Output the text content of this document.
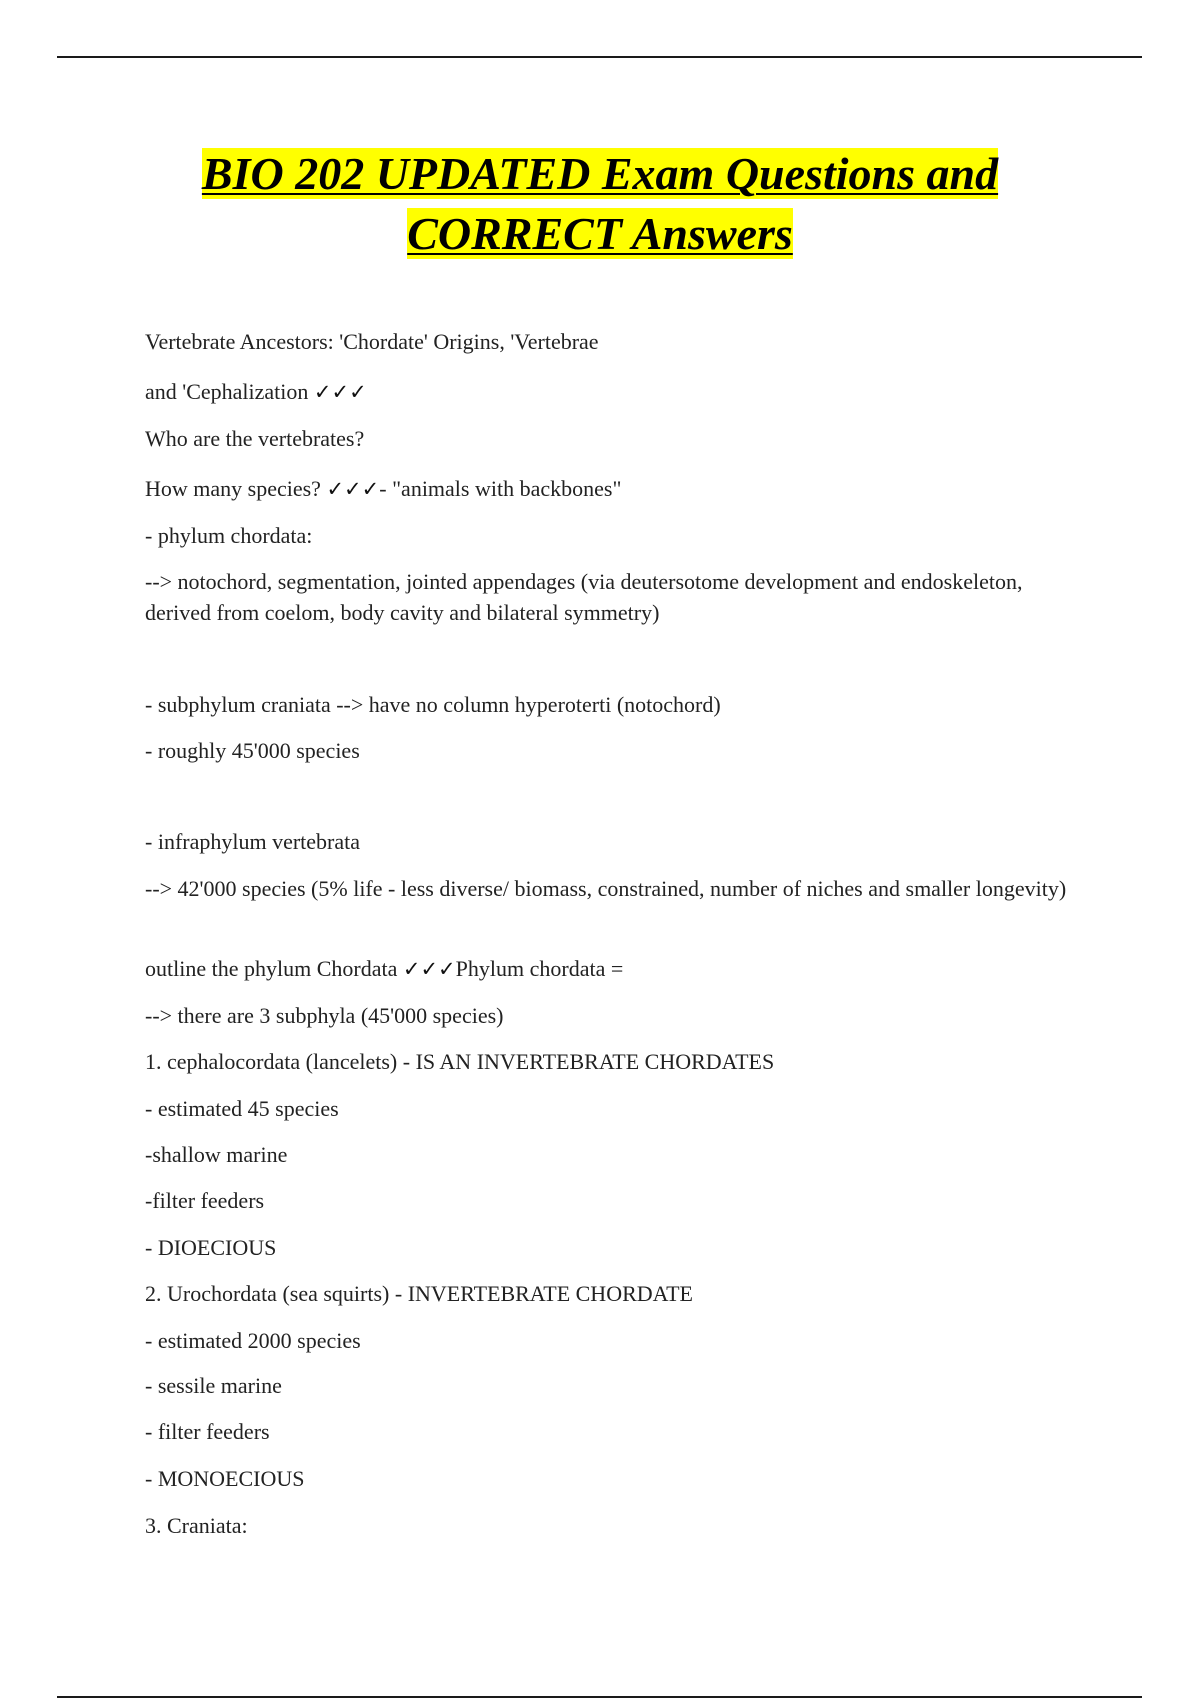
BIO 202 UPDATED Exam Questions and
CORRECT Answers

Vertebrate Ancestors: 'Chordate' Origins, 'Vertebrae

and 'Cephalization ✓✓✓

Who are the vertebrates?

How many species? ✓✓✓- "animals with backbones"

- phylum chordata:

--> notochord, segmentation, jointed appendages (via deutersotome development and endoskeleton, derived from coelom, body cavity and bilateral symmetry)

- subphylum craniata --> have no column hyperoterti (notochord)

- roughly 45'000 species

- infraphylum vertebrata

--> 42'000 species (5% life - less diverse/ biomass, constrained, number of niches and smaller longevity)

outline the phylum Chordata ✓✓✓Phylum chordata =

--> there are 3 subphyla (45'000 species)

1. cephalocordata (lancelets) - IS AN INVERTEBRATE CHORDATES

- estimated 45 species

-shallow marine

-filter feeders

- DIOECIOUS

2. Urochordata (sea squirts) - INVERTEBRATE CHORDATE

- estimated 2000 species

- sessile marine

- filter feeders

- MONOECIOUS

3. Craniata:
